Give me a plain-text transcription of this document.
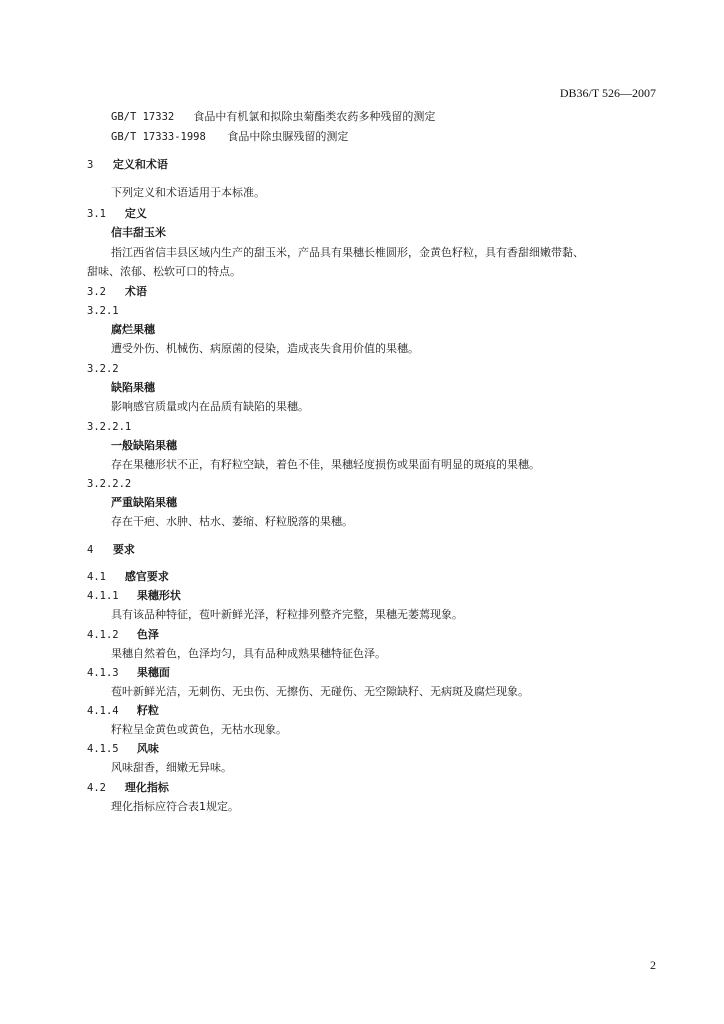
DB36/T 526—2007
GB/T 17332 食品中有机氯和拟除虫菊酯类农药多种残留的测定
GB/T 17333-1998 食品中除虫脲残留的测定
3 定义和术语
下列定义和术语适用于本标准。
3.1 定义
信丰甜玉米
指江西省信丰县区域内生产的甜玉米，产品具有果穗长椎圆形，金黄色籽粒，具有香甜细嫩带黏、
甜味、浓郁、松软可口的特点。
3.2 术语
3.2.1
腐烂果穗
遭受外伤、机械伤、病原菌的侵染，造成丧失食用价值的果穗。
3.2.2
缺陷果穗
影响感官质量或内在品质有缺陷的果穗。
3.2.2.1
一般缺陷果穗
存在果穗形状不正，有籽粒空缺，着色不佳，果穗轻度损伤或果面有明显的斑痕的果穗。
3.2.2.2
严重缺陷果穗
存在干疤、水肿、枯水、萎缩、籽粒脱落的果穗。
4 要求
4.1 感官要求
4.1.1 果穗形状
具有该品种特征，苞叶新鲜光泽，籽粒排列整齐完整，果穗无萎蔫现象。
4.1.2 色泽
果穗自然着色，色泽均匀，具有品种成熟果穗特征色泽。
4.1.3 果穗面
苞叶新鲜光洁，无刺伤、无虫伤、无擦伤、无碰伤、无空隙缺籽、无病斑及腐烂现象。
4.1.4 籽粒
籽粒呈金黄色或黄色，无枯水现象。
4.1.5 风味
风味甜香，细嫩无异味。
4.2 理化指标
理化指标应符合表1规定。
2
